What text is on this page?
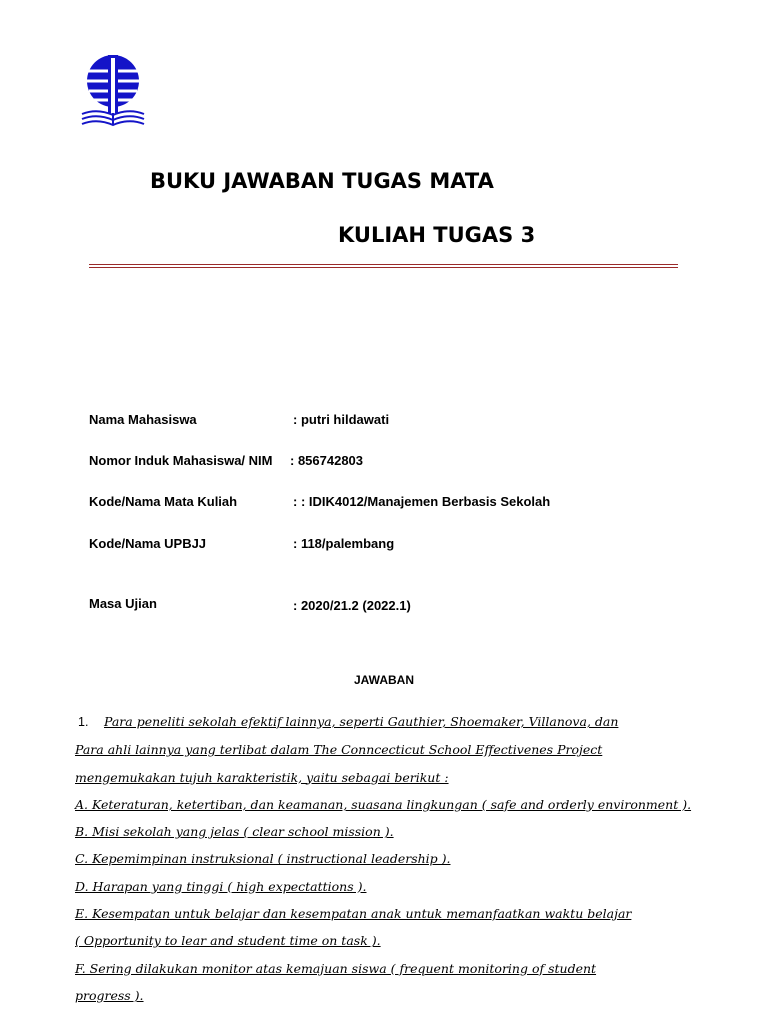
BUKU JAWABAN TUGAS MATA
KULIAH TUGAS 3
Nama Mahasiswa	: putri hildawati
Nomor Induk Mahasiswa/ NIM : 856742803
Kode/Nama Mata Kuliah	: : IDIK4012/Manajemen Berbasis Sekolah
Kode/Nama UPBJJ	: 118/palembang
Masa Ujian	: 2020/21.2 (2022.1)
JAWABAN
1. Para peneliti sekolah efektif lainnya, seperti Gauthier, Shoemaker, Villanova, dan
Para ahli lainnya yang terlibat dalam The Conncecticut School Effectivenes Project
mengemukakan tujuh karakteristik, yaitu sebagai berikut :
A. Keteraturan, ketertiban, dan keamanan, suasana lingkungan ( safe and orderly environment ).
B. Misi sekolah yang jelas ( clear school mission ).
C. Kepemimpinan instruksional ( instructional leadership ).
D. Harapan yang tinggi ( high expectattions ).
E. Kesempatan untuk belajar dan kesempatan anak untuk memanfaatkan waktu belajar
( Opportunity to lear and student time on task ).
F. Sering dilakukan monitor atas kemajuan siswa ( frequent monitoring of student
progress ).
